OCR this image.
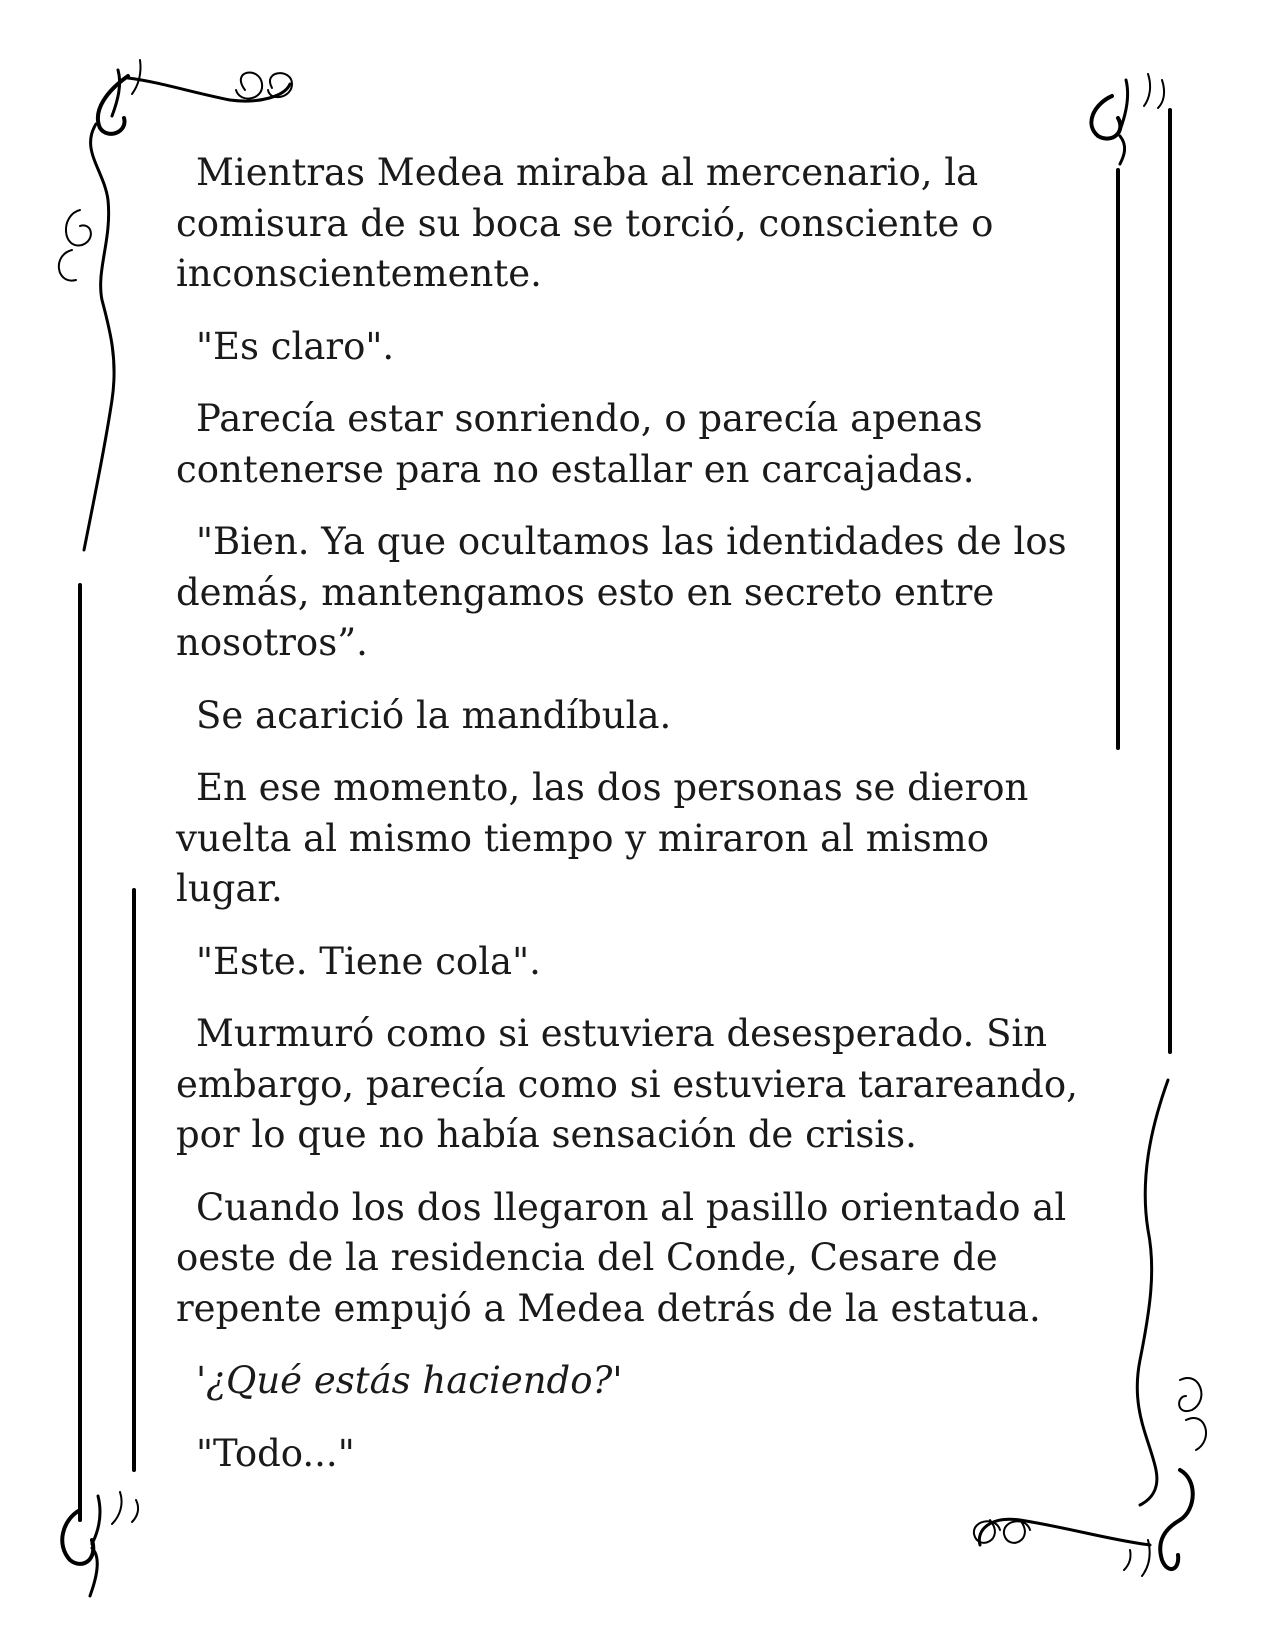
Mientras Medea miraba al mercenario, la comisura de su boca se torció, consciente o inconscientemente.

"Es claro".

Parecía estar sonriendo, o parecía apenas contenerse para no estallar en carcajadas.

"Bien. Ya que ocultamos las identidades de los demás, mantengamos esto en secreto entre nosotros”.

Se acarició la mandíbula.

En ese momento, las dos personas se dieron vuelta al mismo tiempo y miraron al mismo lugar.

"Este. Tiene cola".

Murmuró como si estuviera desesperado. Sin embargo, parecía como si estuviera tarareando, por lo que no había sensación de crisis.

Cuando los dos llegaron al pasillo orientado al oeste de la residencia del Conde, Cesare de repente empujó a Medea detrás de la estatua.

'¿Qué estás haciendo?'

"Todo..."
